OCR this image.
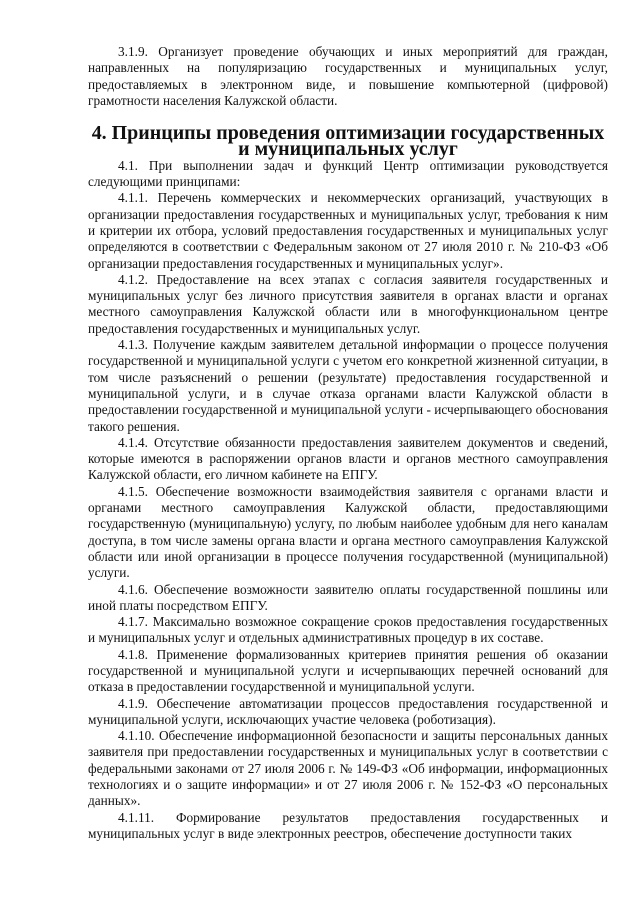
3.1.9. Организует проведение обучающих и иных мероприятий для граждан, направленных на популяризацию государственных и муниципальных услуг, предоставляемых в электронном виде, и повышение компьютерной (цифровой) грамотности населения Калужской области.

4. Принципы проведения оптимизации государственных
и муниципальных услуг

4.1. При выполнении задач и функций Центр оптимизации руководствуется следующими принципами:

4.1.1. Перечень коммерческих и некоммерческих организаций, участвующих в организации предоставления государственных и муниципальных услуг, требования к ним и критерии их отбора, условий предоставления государственных и муниципальных услуг определяются в соответствии с Федеральным законом от 27 июля 2010 г. № 210-ФЗ «Об организации предоставления государственных и муниципальных услуг».

4.1.2. Предоставление на всех этапах с согласия заявителя государственных и муниципальных услуг без личного присутствия заявителя в органах власти и органах местного самоуправления Калужской области или в многофункциональном центре предоставления государственных и муниципальных услуг.

4.1.3. Получение каждым заявителем детальной информации о процессе получения государственной и муниципальной услуги с учетом его конкретной жизненной ситуации, в том числе разъяснений о решении (результате) предоставления государственной и муниципальной услуги, и в случае отказа органами власти Калужской области в предоставлении государственной и муниципальной услуги - исчерпывающего обоснования такого решения.

4.1.4. Отсутствие обязанности предоставления заявителем документов и сведений, которые имеются в распоряжении органов власти и органов местного самоуправления Калужской области, его личном кабинете на ЕПГУ.

4.1.5. Обеспечение возможности взаимодействия заявителя с органами власти и органами местного самоуправления Калужской области, предоставляющими государственную (муниципальную) услугу, по любым наиболее удобным для него каналам доступа, в том числе замены органа власти и органа местного самоуправления Калужской области или иной организации в процессе получения государственной (муниципальной) услуги.

4.1.6. Обеспечение возможности заявителю оплаты государственной пошлины или иной платы посредством ЕПГУ.

4.1.7. Максимально возможное сокращение сроков предоставления государственных и муниципальных услуг и отдельных административных процедур в их составе.

4.1.8. Применение формализованных критериев принятия решения об оказании государственной и муниципальной услуги и исчерпывающих перечней оснований для отказа в предоставлении государственной и муниципальной услуги.

4.1.9. Обеспечение автоматизации процессов предоставления государственной и муниципальной услуги, исключающих участие человека (роботизация).

4.1.10. Обеспечение информационной безопасности и защиты персональных данных заявителя при предоставлении государственных и муниципальных услуг в соответствии с федеральными законами от 27 июля 2006 г. № 149-ФЗ «Об информации, информационных технологиях и о защите информации» и от 27 июля 2006 г. № 152-ФЗ «О персональных данных».

4.1.11. Формирование результатов предоставления государственных и муниципальных услуг в виде электронных реестров, обеспечение доступности таких
